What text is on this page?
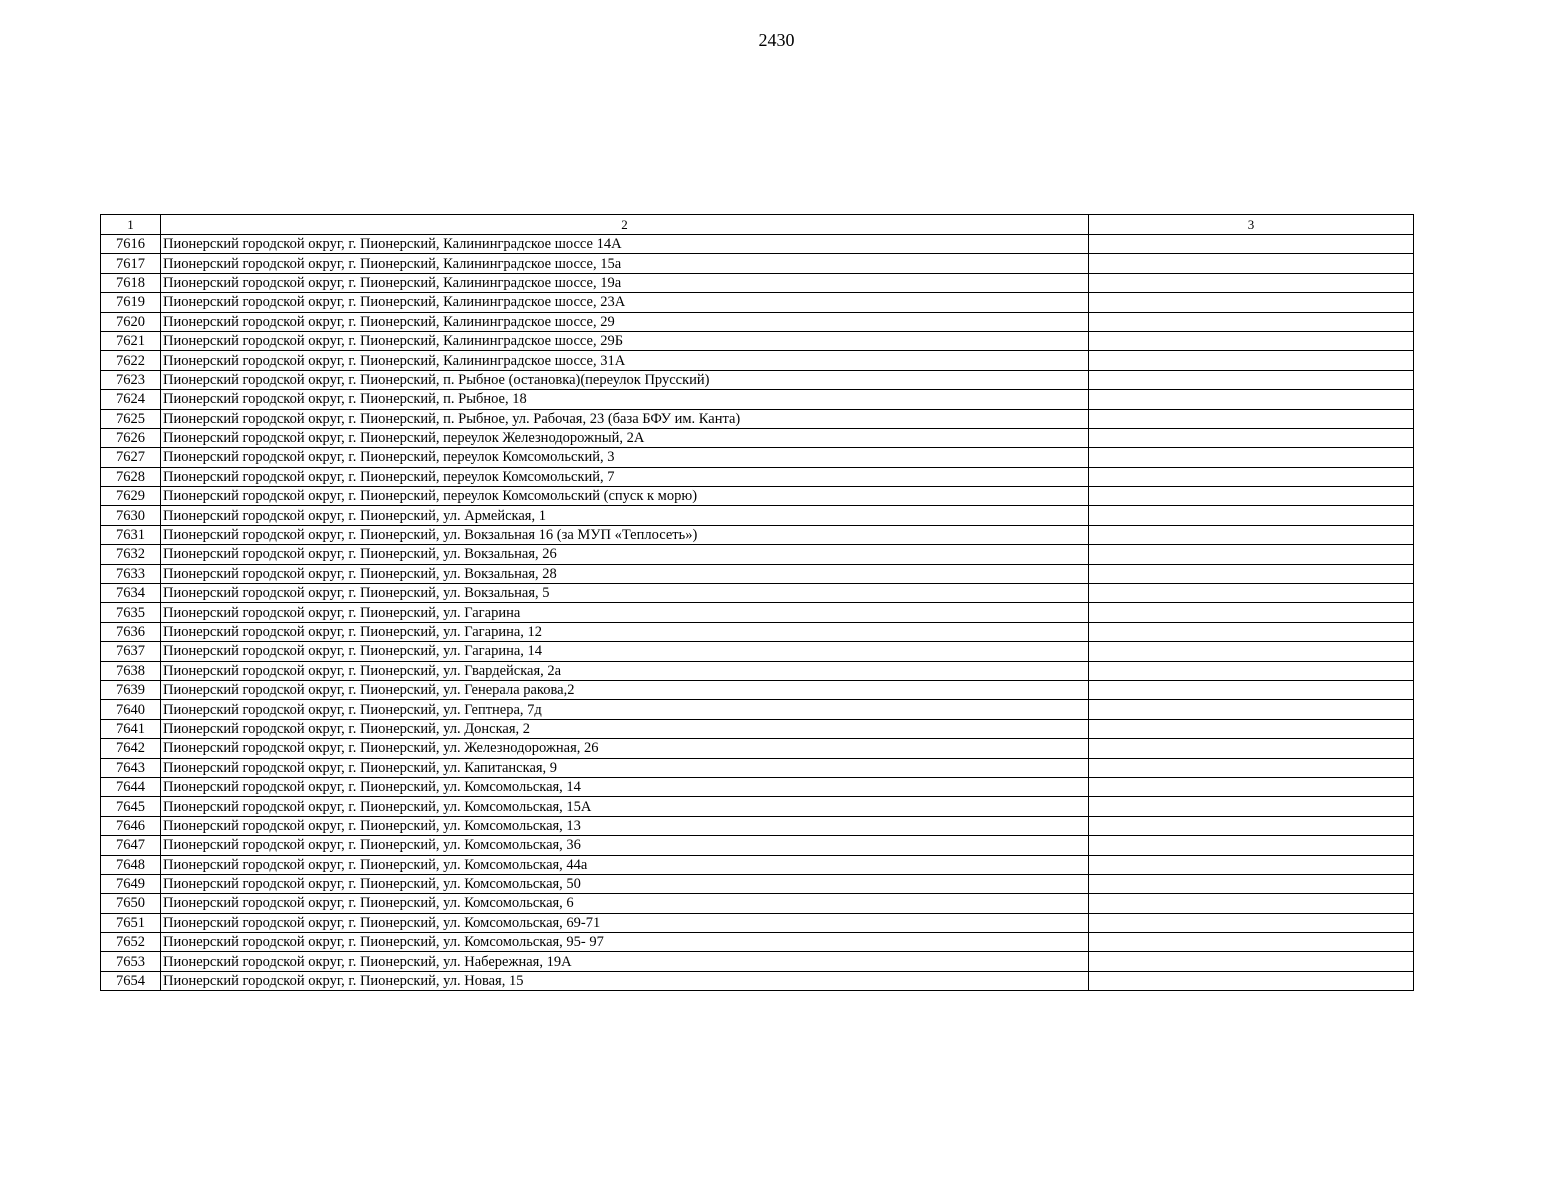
2430
1	2	3
7616	Пионерский городской округ, г. Пионерский, Калининградское шоссе 14А	
7617	Пионерский городской округ, г. Пионерский, Калининградское шоссе, 15а	
7618	Пионерский городской округ, г. Пионерский, Калининградское шоссе, 19а	
7619	Пионерский городской округ, г. Пионерский, Калининградское шоссе, 23А	
7620	Пионерский городской округ, г. Пионерский, Калининградское шоссе, 29	
7621	Пионерский городской округ, г. Пионерский, Калининградское шоссе, 29Б	
7622	Пионерский городской округ, г. Пионерский, Калининградское шоссе, 31А	
7623	Пионерский городской округ, г. Пионерский, п. Рыбное (остановка)(переулок Прусский)	
7624	Пионерский городской округ, г. Пионерский, п. Рыбное, 18	
7625	Пионерский городской округ, г. Пионерский, п. Рыбное, ул. Рабочая, 23 (база БФУ им. Канта)	
7626	Пионерский городской округ, г. Пионерский, переулок Железнодорожный, 2А	
7627	Пионерский городской округ, г. Пионерский, переулок Комсомольский, 3	
7628	Пионерский городской округ, г. Пионерский, переулок Комсомольский, 7	
7629	Пионерский городской округ, г. Пионерский, переулок Комсомольский (спуск к морю)	
7630	Пионерский городской округ, г. Пионерский, ул. Армейская, 1	
7631	Пионерский городской округ, г. Пионерский, ул. Вокзальная 16 (за МУП «Теплосеть»)	
7632	Пионерский городской округ, г. Пионерский, ул. Вокзальная, 26	
7633	Пионерский городской округ, г. Пионерский, ул. Вокзальная, 28	
7634	Пионерский городской округ, г. Пионерский, ул. Вокзальная, 5	
7635	Пионерский городской округ, г. Пионерский, ул. Гагарина	
7636	Пионерский городской округ, г. Пионерский, ул. Гагарина, 12	
7637	Пионерский городской округ, г. Пионерский, ул. Гагарина, 14	
7638	Пионерский городской округ, г. Пионерский, ул. Гвардейская, 2а	
7639	Пионерский городской округ, г. Пионерский, ул. Генерала ракова,2	
7640	Пионерский городской округ, г. Пионерский, ул. Гептнера, 7д	
7641	Пионерский городской округ, г. Пионерский, ул. Донская, 2	
7642	Пионерский городской округ, г. Пионерский, ул. Железнодорожная, 26	
7643	Пионерский городской округ, г. Пионерский, ул. Капитанская, 9	
7644	Пионерский городской округ, г. Пионерский, ул. Комсомольская, 14	
7645	Пионерский городской округ, г. Пионерский, ул. Комсомольская, 15А	
7646	Пионерский городской округ, г. Пионерский, ул. Комсомольская, 13	
7647	Пионерский городской округ, г. Пионерский, ул. Комсомольская, 36	
7648	Пионерский городской округ, г. Пионерский, ул. Комсомольская, 44а	
7649	Пионерский городской округ, г. Пионерский, ул. Комсомольская, 50	
7650	Пионерский городской округ, г. Пионерский, ул. Комсомольская, 6	
7651	Пионерский городской округ, г. Пионерский, ул. Комсомольская, 69-71	
7652	Пионерский городской округ, г. Пионерский, ул. Комсомольская, 95- 97	
7653	Пионерский городской округ, г. Пионерский, ул. Набережная, 19А	
7654	Пионерский городской округ, г. Пионерский, ул. Новая, 15	
